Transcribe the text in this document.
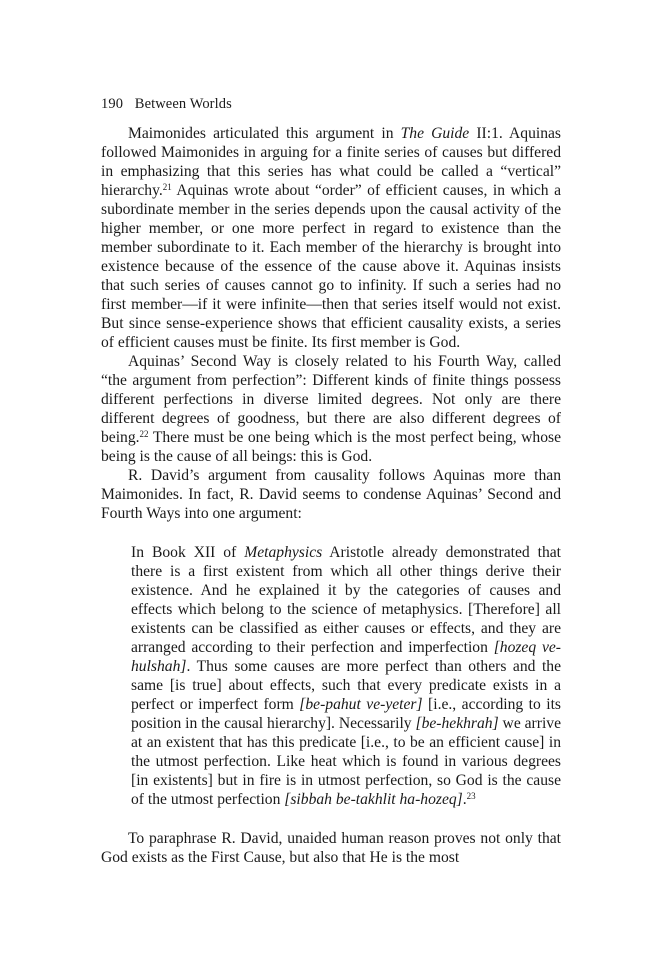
190 Between Worlds

Maimonides articulated this argument in The Guide II:1. Aquinas followed Maimonides in arguing for a finite series of causes but differed in emphasizing that this series has what could be called a “vertical” hierarchy.$^{21}$ Aquinas wrote about “order” of efficient causes, in which a subordinate member in the series depends upon the causal activity of the higher member, or one more perfect in regard to existence than the member subordinate to it. Each member of the hierarchy is brought into existence because of the essence of the cause above it. Aquinas insists that such series of causes cannot go to infinity. If such a series had no first member—if it were infinite—then that series itself would not exist. But since sense-experience shows that efficient causality exists, a series of efficient causes must be finite. Its first member is God.

Aquinas’ Second Way is closely related to his Fourth Way, called “the argument from perfection”: Different kinds of finite things possess different perfections in diverse limited degrees. Not only are there different degrees of goodness, but there are also different degrees of being.$^{22}$ There must be one being which is the most perfect being, whose being is the cause of all beings: this is God.

R. David’s argument from causality follows Aquinas more than Maimonides. In fact, R. David seems to condense Aquinas’ Second and Fourth Ways into one argument:

In Book XII of Metaphysics Aristotle already demonstrated that there is a first existent from which all other things derive their existence. And he explained it by the categories of causes and effects which belong to the science of metaphysics. [Therefore] all existents can be classified as either causes or effects, and they are arranged according to their perfection and imperfection [hozeq ve-hulshah]. Thus some causes are more perfect than others and the same [is true] about effects, such that every predicate exists in a perfect or imperfect form [be-pahut ve-yeter] [i.e., according to its position in the causal hierarchy]. Necessarily [be-hekhrah] we arrive at an existent that has this predicate [i.e., to be an efficient cause] in the utmost perfection. Like heat which is found in various degrees [in existents] but in fire is in utmost perfection, so God is the cause of the utmost perfection [sibbah be-takhlit ha-hozeq].$^{23}$

To paraphrase R. David, unaided human reason proves not only that God exists as the First Cause, but also that He is the most
